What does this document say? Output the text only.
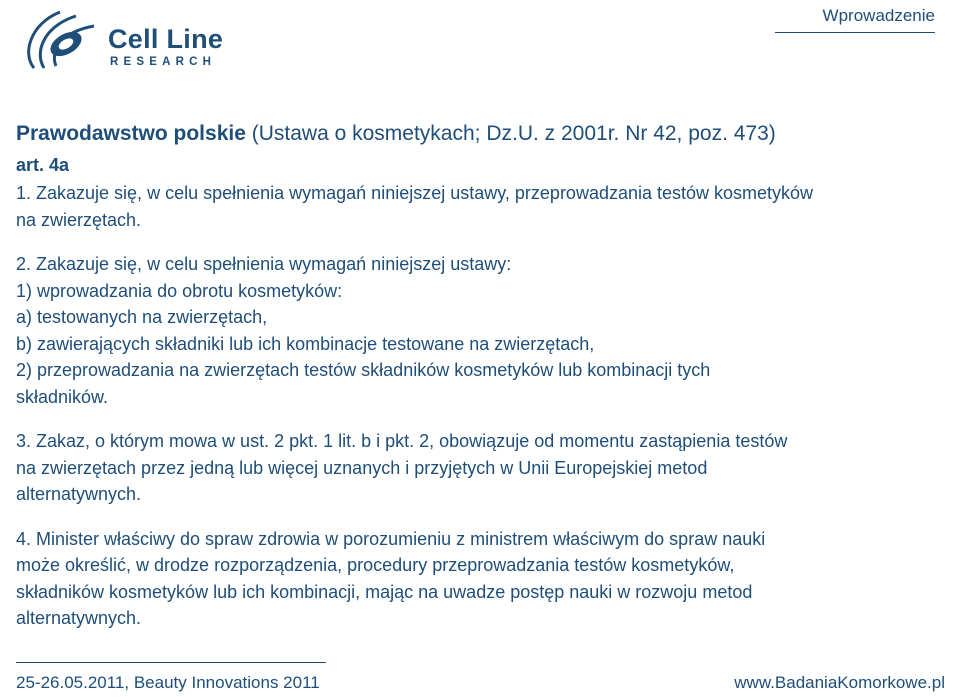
Cell Line
RESEARCH
Wprowadzenie
Prawodawstwo polskie (Ustawa o kosmetykach; Dz.U. z 2001r. Nr 42, poz. 473)
art. 4a
1. Zakazuje się, w celu spełnienia wymagań niniejszej ustawy, przeprowadzania testów kosmetyków
na zwierzętach.
2. Zakazuje się, w celu spełnienia wymagań niniejszej ustawy:
1) wprowadzania do obrotu kosmetyków:
a) testowanych na zwierzętach,
b) zawierających składniki lub ich kombinacje testowane na zwierzętach,
2) przeprowadzania na zwierzętach testów składników kosmetyków lub kombinacji tych
składników.
3. Zakaz, o którym mowa w ust. 2 pkt. 1 lit. b i pkt. 2, obowiązuje od momentu zastąpienia testów
na zwierzętach przez jedną lub więcej uznanych i przyjętych w Unii Europejskiej metod
alternatywnych.
4. Minister właściwy do spraw zdrowia w porozumieniu z ministrem właściwym do spraw nauki
może określić, w drodze rozporządzenia, procedury przeprowadzania testów kosmetyków,
składników kosmetyków lub ich kombinacji, mając na uwadze postęp nauki w rozwoju metod
alternatywnych.
25-26.05.2011, Beauty Innovations 2011	www.BadaniaKomorkowe.pl
